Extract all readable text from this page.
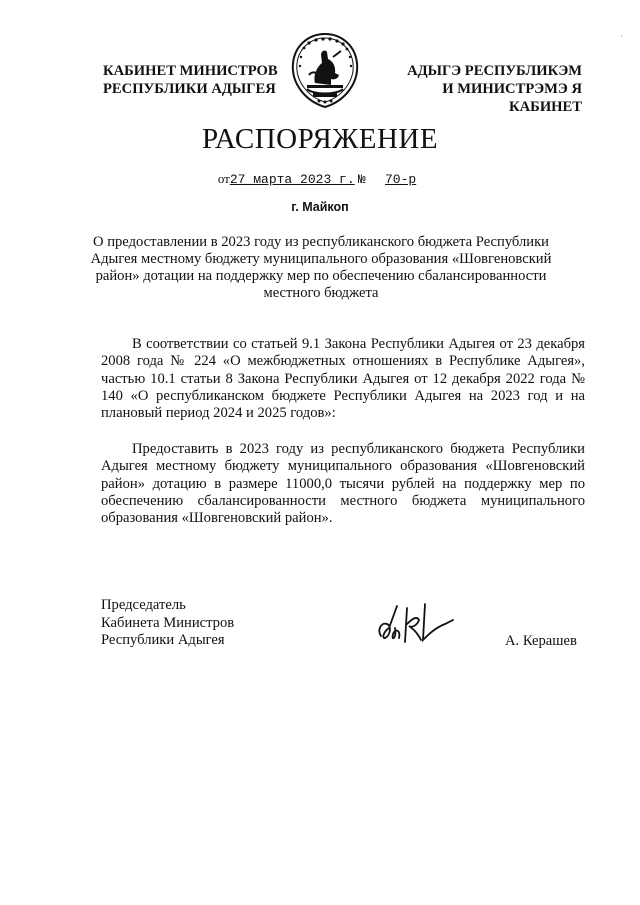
КАБИНЕТ МИНИСТРОВ
РЕСПУБЛИКИ АДЫГЕЯ
АДЫГЭ РЕСПУБЛИКЭМ
И МИНИСТРЭМЭ Я КАБИНЕТ
'
РАСПОРЯЖЕНИЕ
от27 марта 2023 г. № 70-р
г. Майкоп
О предоставлении в 2023 году из республиканского бюджета Республики Адыгея местному бюджету муниципального образования «Шовгеновский район» дотации на поддержку мер по обеспечению сбалансированности местного бюджета
В соответствии со статьей 9.1 Закона Республики Адыгея от 23 декабря 2008 года № 224 «О межбюджетных отношениях в Республике Адыгея», частью 10.1 статьи 8 Закона Республики Адыгея от 12 декабря 2022 года № 140 «О республиканском бюджете Республики Адыгея на 2023 год и на плановый период 2024 и 2025 годов»:
Предоставить в 2023 году из республиканского бюджета Республики Адыгея местному бюджету муниципального образования «Шовгеновский район» дотацию в размере 11000,0 тысячи рублей на поддержку мер по обеспечению сбалансированности местного бюджета муниципального образования «Шовгеновский район».
Председатель
Кабинета Министров
Республики Адыгея	А. Керашев
